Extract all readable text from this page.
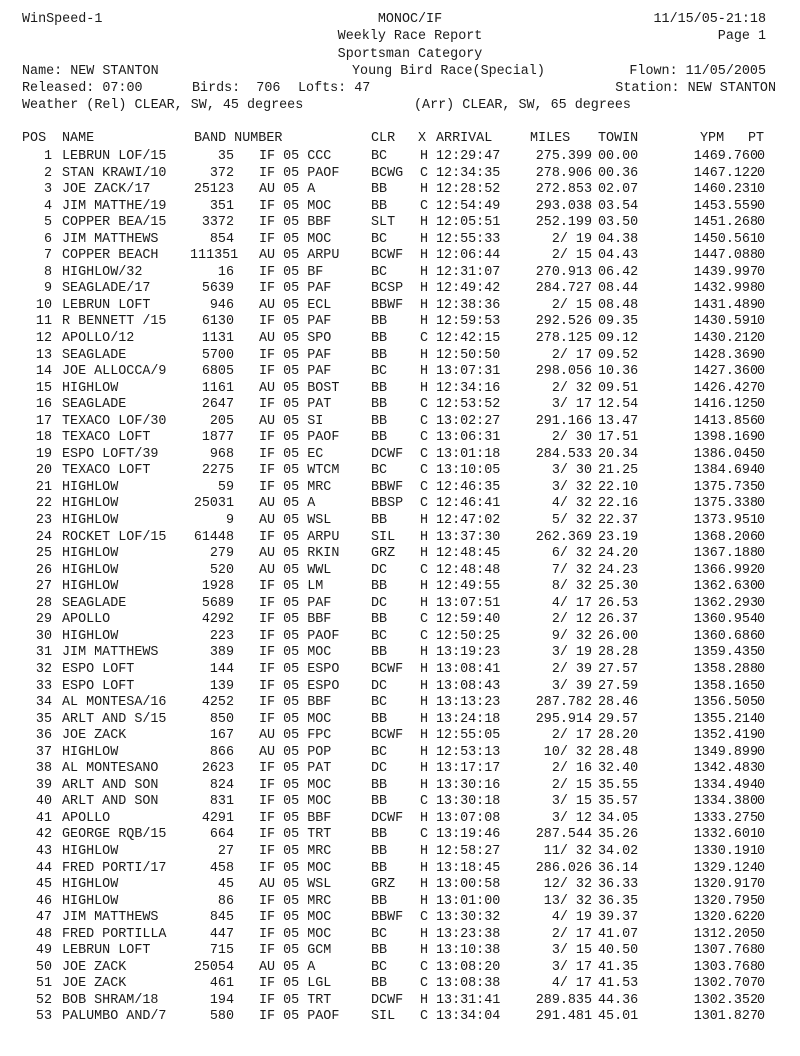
WinSpeed-1	MONOC/IF	11/15/05-21:18
Weekly Race Report	Page 1
Sportsman Category
Name: NEW STANTON	Young Bird Race(Special)	Flown: 11/05/2005
Released: 07:00	Birds:  706 Lofts: 47	Station: NEW STANTON
Weather (Rel) CLEAR, SW, 45 degrees	(Arr) CLEAR, SW, 65 degrees
POS NAME	BAND NUMBER	CLR X ARRIVAL	MILES TOWIN	YPM PT
1 LEBRUN LOF/15	35 IF 05 CCC	BC	H 12:29:47	275.399 00.00	1469.760 0
2 STAN KRAWI/10	372 IF 05 PAOF	BCWG	C 12:34:35	278.906 00.36	1467.122 0
3 JOE ZACK/17	25123 AU 05 A	BB	H 12:28:52	272.853 02.07	1460.231 0
4 JIM MATTHE/19	351 IF 05 MOC	BB	C 12:54:49	293.038 03.54	1453.559 0
5 COPPER BEA/15	3372 IF 05 BBF	SLT	H 12:05:51	252.199 03.50	1451.268 0
6 JIM MATTHEWS	854 IF 05 MOC	BC	H 12:55:33	2/ 19 04.38	1450.561 0
7 COPPER BEACH	111351 AU 05 ARPU	BCWF	H 12:06:44	2/ 15 04.43	1447.088 0
8 HIGHLOW/32	16 IF 05 BF	BC	H 12:31:07	270.913 06.42	1439.997 0
9 SEAGLADE/17	5639 IF 05 PAF	BCSP	H 12:49:42	284.727 08.44	1432.998 0
10 LEBRUN LOFT	946 AU 05 ECL	BBWF	H 12:38:36	2/ 15 08.48	1431.489 0
11 R BENNETT /15	6130 IF 05 PAF	BB	H 12:59:53	292.526 09.35	1430.591 0
12 APOLLO/12	1131 AU 05 SPO	BB	C 12:42:15	278.125 09.12	1430.212 0
13 SEAGLADE	5700 IF 05 PAF	BB	H 12:50:50	2/ 17 09.52	1428.369 0
14 JOE ALLOCCA/9	6805 IF 05 PAF	BC	H 13:07:31	298.056 10.36	1427.360 0
15 HIGHLOW	1161 AU 05 BOST	BB	H 12:34:16	2/ 32 09.51	1426.427 0
16 SEAGLADE	2647 IF 05 PAT	BB	C 12:53:52	3/ 17 12.54	1416.125 0
17 TEXACO LOF/30	205 AU 05 SI	BB	C 13:02:27	291.166 13.47	1413.856 0
18 TEXACO LOFT	1877 IF 05 PAOF	BB	C 13:06:31	2/ 30 17.51	1398.169 0
19 ESPO LOFT/39	968 IF 05 EC	DCWF	C 13:01:18	284.533 20.34	1386.045 0
20 TEXACO LOFT	2275 IF 05 WTCM	BC	C 13:10:05	3/ 30 21.25	1384.694 0
21 HIGHLOW	59 IF 05 MRC	BBWF	C 12:46:35	3/ 32 22.10	1375.735 0
22 HIGHLOW	25031 AU 05 A	BBSP	C 12:46:41	4/ 32 22.16	1375.338 0
23 HIGHLOW	9 AU 05 WSL	BB	H 12:47:02	5/ 32 22.37	1373.951 0
24 ROCKET LOF/15	61448 IF 05 ARPU	SIL	H 13:37:30	262.369 23.19	1368.206 0
25 HIGHLOW	279 AU 05 RKIN	GRZ	H 12:48:45	6/ 32 24.20	1367.188 0
26 HIGHLOW	520 AU 05 WWL	DC	C 12:48:48	7/ 32 24.23	1366.992 0
27 HIGHLOW	1928 IF 05 LM	BB	H 12:49:55	8/ 32 25.30	1362.630 0
28 SEAGLADE	5689 IF 05 PAF	DC	H 13:07:51	4/ 17 26.53	1362.293 0
29 APOLLO	4292 IF 05 BBF	BB	C 12:59:40	2/ 12 26.37	1360.954 0
30 HIGHLOW	223 IF 05 PAOF	BC	C 12:50:25	9/ 32 26.00	1360.686 0
31 JIM MATTHEWS	389 IF 05 MOC	BB	H 13:19:23	3/ 19 28.28	1359.435 0
32 ESPO LOFT	144 IF 05 ESPO	BCWF	H 13:08:41	2/ 39 27.57	1358.288 0
33 ESPO LOFT	139 IF 05 ESPO	DC	H 13:08:43	3/ 39 27.59	1358.165 0
34 AL MONTESA/16	4252 IF 05 BBF	BC	H 13:13:23	287.782 28.46	1356.505 0
35 ARLT AND S/15	850 IF 05 MOC	BB	H 13:24:18	295.914 29.57	1355.214 0
36 JOE ZACK	167 AU 05 FPC	BCWF	H 12:55:05	2/ 17 28.20	1352.419 0
37 HIGHLOW	866 AU 05 POP	BC	H 12:53:13	10/ 32 28.48	1349.899 0
38 AL MONTESANO	2623 IF 05 PAT	DC	H 13:17:17	2/ 16 32.40	1342.483 0
39 ARLT AND SON	824 IF 05 MOC	BB	H 13:30:16	2/ 15 35.55	1334.494 0
40 ARLT AND SON	831 IF 05 MOC	BB	C 13:30:18	3/ 15 35.57	1334.380 0
41 APOLLO	4291 IF 05 BBF	DCWF	H 13:07:08	3/ 12 34.05	1333.275 0
42 GEORGE RQB/15	664 IF 05 TRT	BB	C 13:19:46	287.544 35.26	1332.601 0
43 HIGHLOW	27 IF 05 MRC	BB	H 12:58:27	11/ 32 34.02	1330.191 0
44 FRED PORTI/17	458 IF 05 MOC	BB	H 13:18:45	286.026 36.14	1329.124 0
45 HIGHLOW	45 AU 05 WSL	GRZ	H 13:00:58	12/ 32 36.33	1320.917 0
46 HIGHLOW	86 IF 05 MRC	BB	H 13:01:00	13/ 32 36.35	1320.795 0
47 JIM MATTHEWS	845 IF 05 MOC	BBWF	C 13:30:32	4/ 19 39.37	1320.622 0
48 FRED PORTILLA	447 IF 05 MOC	BC	H 13:23:38	2/ 17 41.07	1312.205 0
49 LEBRUN LOFT	715 IF 05 GCM	BB	H 13:10:38	3/ 15 40.50	1307.768 0
50 JOE ZACK	25054 AU 05 A	BC	C 13:08:20	3/ 17 41.35	1303.768 0
51 JOE ZACK	461 IF 05 LGL	BB	C 13:08:38	4/ 17 41.53	1302.707 0
52 BOB SHRAM/18	194 IF 05 TRT	DCWF	H 13:31:41	289.835 44.36	1302.352 0
53 PALUMBO AND/7	580 IF 05 PAOF	SIL	C 13:34:04	291.481 45.01	1301.827 0
